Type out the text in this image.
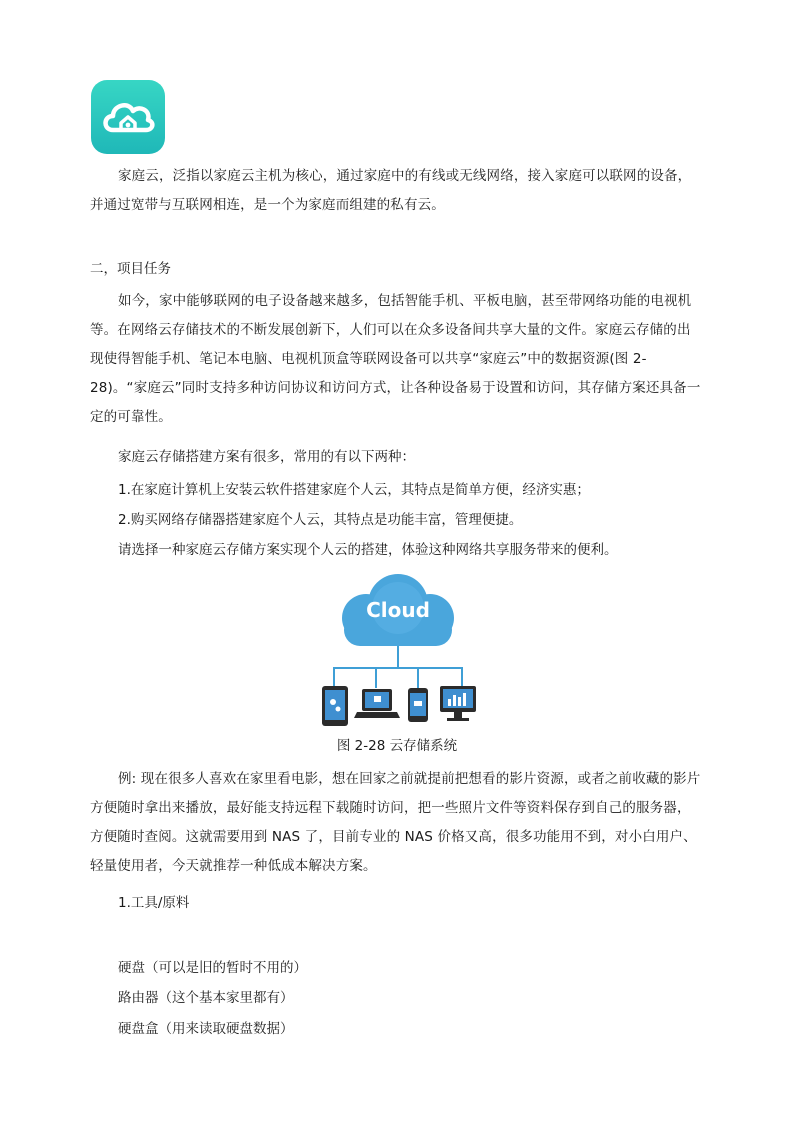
家庭云，泛指以家庭云主机为核心，通过家庭中的有线或无线网络，接入家庭可以联网的设备，并通过宽带与互联网相连，是一个为家庭而组建的私有云。

二，项目任务

如今，家中能够联网的电子设备越来越多，包括智能手机、平板电脑，甚至带网络功能的电视机等。在网络云存储技术的不断发展创新下，人们可以在众多设备间共享大量的文件。家庭云存储的出现使得智能手机、笔记本电脑、电视机顶盒等联网设备可以共享“家庭云”中的数据资源(图 2-28)。“家庭云”同时支持多种访问协议和访问方式，让各种设备易于设置和访问，其存储方案还具备一定的可靠性。

家庭云存储搭建方案有很多，常用的有以下两种：
1.在家庭计算机上安装云软件搭建家庭个人云，其特点是简单方便，经济实惠；
2.购买网络存储器搭建家庭个人云，其特点是功能丰富，管理便捷。
请选择一种家庭云存储方案实现个人云的搭建，体验这种网络共享服务带来的便利。
Cloud
图 2-28 云存储系统

例: 现在很多人喜欢在家里看电影，想在回家之前就提前把想看的影片资源，或者之前收藏的影片方便随时拿出来播放，最好能支持远程下载随时访问，把一些照片文件等资料保存到自己的服务器，方便随时查阅。这就需要用到 NAS 了，目前专业的 NAS 价格又高，很多功能用不到，对小白用户、轻量使用者，今天就推荐一种低成本解决方案。

1.工具/原料
硬盘（可以是旧的暂时不用的）
路由器（这个基本家里都有）
硬盘盒（用来读取硬盘数据）
